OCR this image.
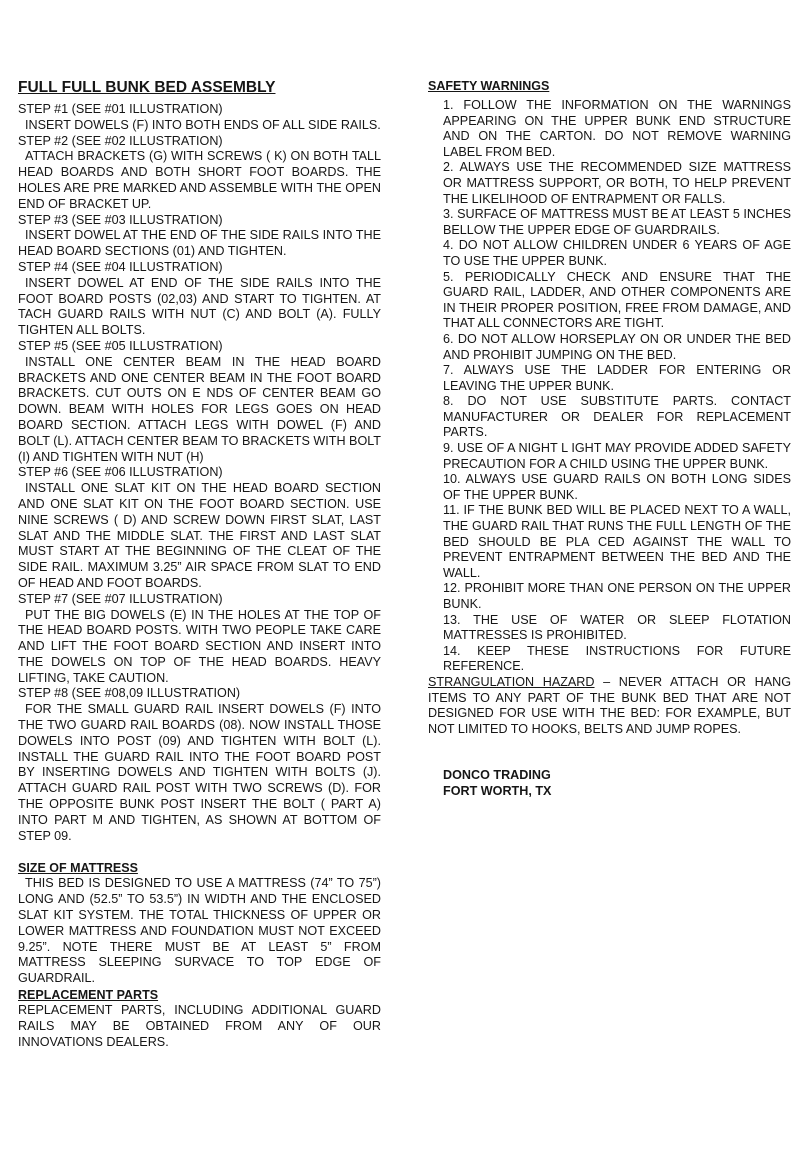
FULL FULL BUNK BED ASSEMBLY

STEP #1 (SEE #01 ILLUSTRATION)

INSERT DOWELS (F) INTO BOTH ENDS OF ALL SIDE RAILS.

STEP #2 (SEE #02 ILLUSTRATION)

ATTACH BRACKETS (G) WITH SCREWS ( K) ON BOTH TALL HEAD BOARDS AND BOTH SHORT FOOT BOARDS. THE HOLES ARE PRE MARKED AND ASSEMBLE WITH THE OPEN END OF BRACKET UP.

STEP #3 (SEE #03 ILLUSTRATION)

INSERT DOWEL AT THE END OF THE SIDE RAILS INTO THE HEAD BOARD SECTIONS (01) AND TIGHTEN.

STEP #4 (SEE #04 ILLUSTRATION)

INSERT DOWEL AT END OF THE SIDE RAILS INTO THE FOOT BOARD POSTS (02,03) AND START TO TIGHTEN. AT TACH GUARD RAILS WITH NUT (C) AND BOLT (A). FULLY TIGHTEN ALL BOLTS.

STEP #5 (SEE #05 ILLUSTRATION)

INSTALL ONE CENTER BEAM IN THE HEAD BOARD BRACKETS AND ONE CENTER BEAM IN THE FOOT BOARD BRACKETS. CUT OUTS ON E NDS OF CENTER BEAM GO DOWN. BEAM WITH HOLES FOR LEGS GOES ON HEAD BOARD SECTION. ATTACH LEGS WITH DOWEL (F) AND BOLT (L). ATTACH CENTER BEAM TO BRACKETS WITH BOLT (I) AND TIGHTEN WITH NUT (H)

STEP #6 (SEE #06 ILLUSTRATION)

INSTALL ONE SLAT KIT ON THE HEAD BOARD SECTION AND ONE SLAT KIT ON THE FOOT BOARD SECTION. USE NINE SCREWS ( D) AND SCREW DOWN FIRST SLAT, LAST SLAT AND THE MIDDLE SLAT. THE FIRST AND LAST SLAT MUST START AT THE BEGINNING OF THE CLEAT OF THE SIDE RAIL. MAXIMUM 3.25” AIR SPACE FROM SLAT TO END OF HEAD AND FOOT BOARDS.

STEP #7 (SEE #07 ILLUSTRATION)

PUT THE BIG DOWELS (E) IN THE HOLES AT THE TOP OF THE HEAD BOARD POSTS. WITH TWO PEOPLE TAKE CARE AND LIFT THE FOOT BOARD SECTION AND INSERT INTO THE DOWELS ON TOP OF THE HEAD BOARDS. HEAVY LIFTING, TAKE CAUTION.

STEP #8 (SEE #08,09 ILLUSTRATION)

FOR THE SMALL GUARD RAIL INSERT DOWELS (F) INTO THE TWO GUARD RAIL BOARDS (08). NOW INSTALL THOSE DOWELS INTO POST (09) AND TIGHTEN WITH BOLT (L). INSTALL THE GUARD RAIL INTO THE FOOT BOARD POST BY INSERTING DOWELS AND TIGHTEN WITH BOLTS (J). ATTACH GUARD RAIL POST WITH TWO SCREWS (D). FOR THE OPPOSITE BUNK POST INSERT THE BOLT ( PART A) INTO PART M AND TIGHTEN, AS SHOWN AT BOTTOM OF STEP 09.

SIZE OF MATTRESS

THIS BED IS DESIGNED TO USE A MATTRESS (74” TO 75”) LONG AND (52.5” TO 53.5”) IN WIDTH AND THE ENCLOSED SLAT KIT SYSTEM. THE TOTAL THICKNESS OF UPPER OR LOWER MATTRESS AND FOUNDATION MUST NOT EXCEED 9.25”. NOTE THERE MUST BE AT LEAST 5” FROM MATTRESS SLEEPING SURVACE TO TOP EDGE OF GUARDRAIL.

REPLACEMENT PARTS

REPLACEMENT PARTS, INCLUDING ADDITIONAL GUARD RAILS MAY BE OBTAINED FROM ANY OF OUR INNOVATIONS DEALERS.

SAFETY WARNINGS

1. FOLLOW THE INFORMATION ON THE WARNINGS APPEARING ON THE UPPER BUNK END STRUCTURE AND ON THE CARTON. DO NOT REMOVE WARNING LABEL FROM BED.
2. ALWAYS USE THE RECOMMENDED SIZE MATTRESS OR MATTRESS SUPPORT, OR BOTH, TO HELP PREVENT THE LIKELIHOOD OF ENTRAPMENT OR FALLS.
3. SURFACE OF MATTRESS MUST BE AT LEAST 5 INCHES BELLOW THE UPPER EDGE OF GUARDRAILS.
4. DO NOT ALLOW CHILDREN UNDER 6 YEARS OF AGE TO USE THE UPPER BUNK.
5. PERIODICALLY CHECK AND ENSURE THAT THE GUARD RAIL, LADDER, AND OTHER COMPONENTS ARE IN THEIR PROPER POSITION, FREE FROM DAMAGE, AND THAT ALL CONNECTORS ARE TIGHT.
6. DO NOT ALLOW HORSEPLAY ON OR UNDER THE BED AND PROHIBIT JUMPING ON THE BED.
7. ALWAYS USE THE LADDER FOR ENTERING OR LEAVING THE UPPER BUNK.
8. DO NOT USE SUBSTITUTE PARTS. CONTACT MANUFACTURER OR DEALER FOR REPLACEMENT PARTS.
9. USE OF A NIGHT L IGHT MAY PROVIDE ADDED SAFETY PRECAUTION FOR A CHILD USING THE UPPER BUNK.
10. ALWAYS USE GUARD RAILS ON BOTH LONG SIDES OF THE UPPER BUNK.
11. IF THE BUNK BED WILL BE PLACED NEXT TO A WALL, THE GUARD RAIL THAT RUNS THE FULL LENGTH OF THE BED SHOULD BE PLA CED AGAINST THE WALL TO PREVENT ENTRAPMENT BETWEEN THE BED AND THE WALL.
12. PROHIBIT MORE THAN ONE PERSON ON THE UPPER BUNK.
13. THE USE OF WATER OR SLEEP FLOTATION MATTRESSES IS PROHIBITED.
14. KEEP THESE INSTRUCTIONS FOR FUTURE REFERENCE.

STRANGULATION HAZARD – NEVER ATTACH OR HANG ITEMS TO ANY PART OF THE BUNK BED THAT ARE NOT DESIGNED FOR USE WITH THE BED: FOR EXAMPLE, BUT NOT LIMITED TO HOOKS, BELTS AND JUMP ROPES.

DONCO TRADING

FORT WORTH, TX
